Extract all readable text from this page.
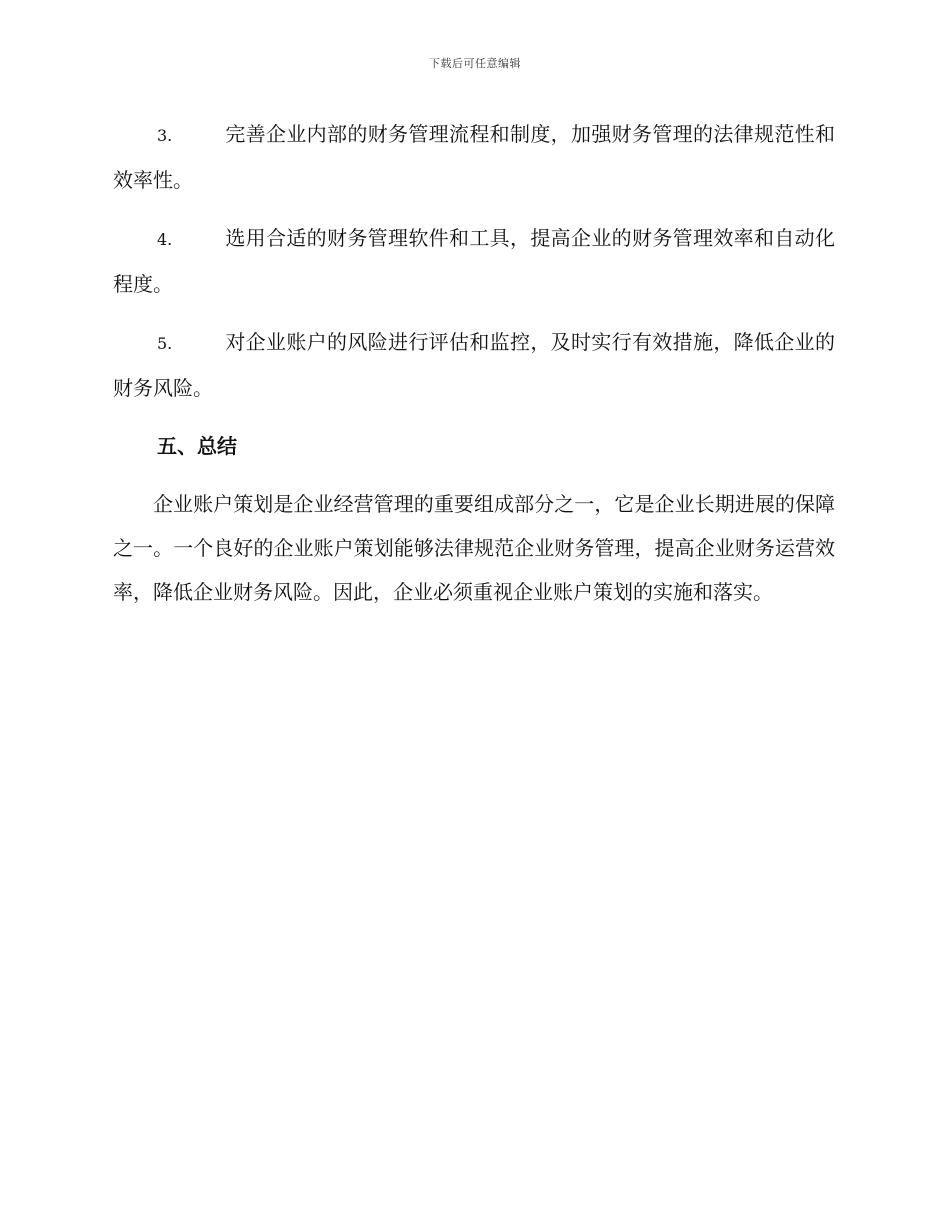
下载后可任意编辑

3.	完善企业内部的财务管理流程和制度，加强财务管理的法律规范性和效率性。

4.	选用合适的财务管理软件和工具，提高企业的财务管理效率和自动化程度。

5.	对企业账户的风险进行评估和监控，及时实行有效措施，降低企业的财务风险。

五、总结

企业账户策划是企业经营管理的重要组成部分之一，它是企业长期进展的保障之一。一个良好的企业账户策划能够法律规范企业财务管理，提高企业财务运营效率，降低企业财务风险。因此，企业必须重视企业账户策划的实施和落实。
